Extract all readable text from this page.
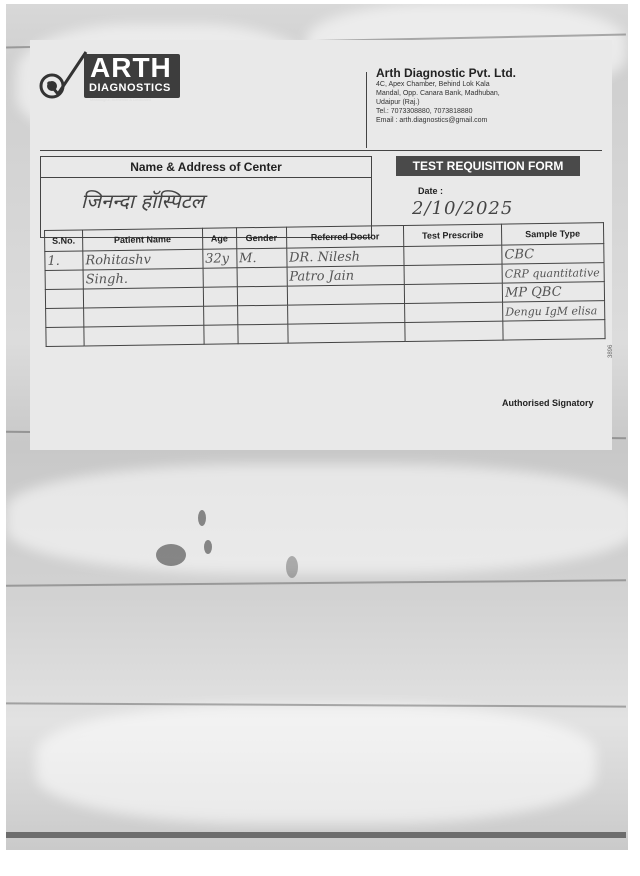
ARTH
DIAGNOSTICS
Meaningful, Authentic & Dedicated
Arth Diagnostic Pvt. Ltd.
4C, Apex Chamber, Behind Lok Kala
Mandal, Opp. Canara Bank, Madhuban,
Udaipur (Raj.)
Tel.: 7073308880, 7073818880
Email : arth.diagnostics@gmail.com
Name & Address of Center
जिनन्दा हॉस्पिटल
TEST REQUISITION FORM
Date :
2/10/2025
S.No.	Patient Name	Age	Gender	Referred Doctor	Test Prescribe	Sample Type
1.	Rohitashv	32y	M.	DR. Nilesh		CBC
	Singh.			Patro Jain		CRP quantitative
						MP QBC
						Dengu IgM elisa

3896
Authorised Signatory
